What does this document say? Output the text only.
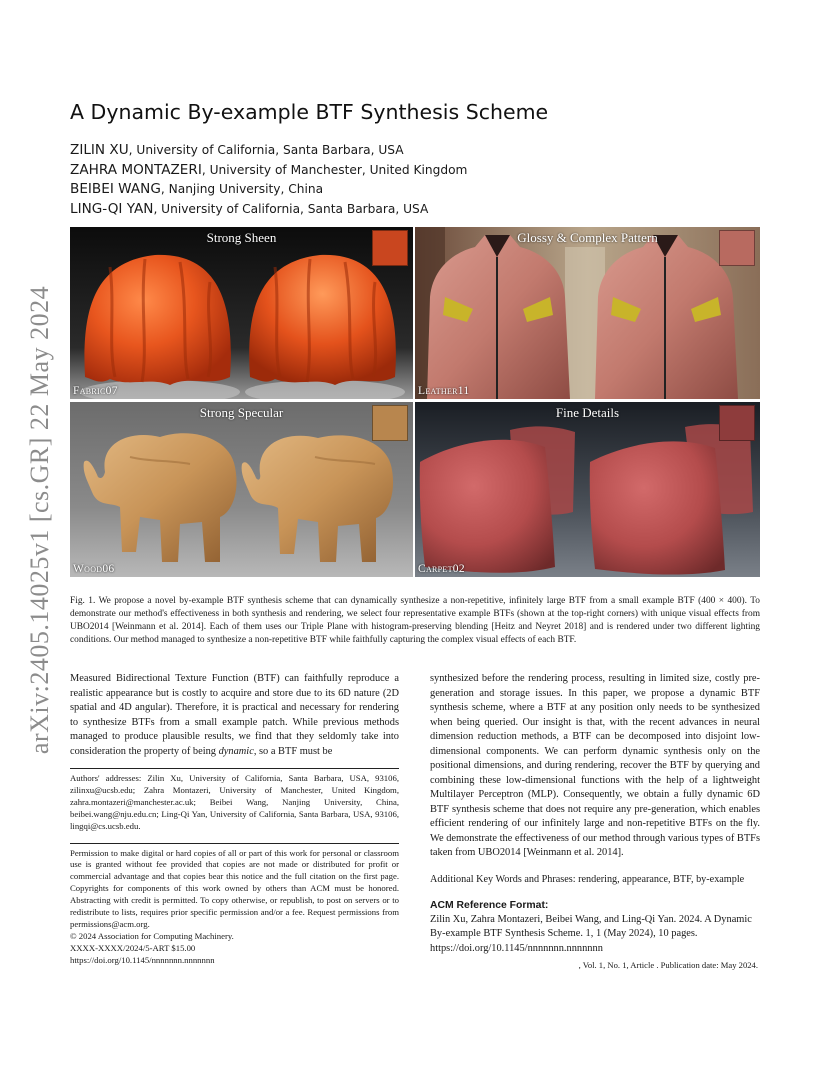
arXiv:2405.14025v1 [cs.GR] 22 May 2024
A Dynamic By-example BTF Synthesis Scheme
ZILIN XU, University of California, Santa Barbara, USA
ZAHRA MONTAZERI, University of Manchester, United Kingdom
BEIBEI WANG, Nanjing University, China
LING-QI YAN, University of California, Santa Barbara, USA
Strong Sheen
Fabric07
Glossy & Complex Pattern
Leather11
Strong Specular
Wood06
Fine Details
Carpet02
Fig. 1. We propose a novel by-example BTF synthesis scheme that can dynamically synthesize a non-repetitive, infinitely large BTF from a small example BTF (400 × 400). To demonstrate our method's effectiveness in both synthesis and rendering, we select four representative example BTFs (shown at the top-right corners) with unique visual effects from UBO2014 [Weinmann et al. 2014]. Each of them uses our Triple Plane with histogram-preserving blending [Heitz and Neyret 2018] and is rendered under two different lighting conditions. Our method managed to synthesize a non-repetitive BTF while faithfully capturing the complex visual effects of each BTF.

Measured Bidirectional Texture Function (BTF) can faithfully reproduce a realistic appearance but is costly to acquire and store due to its 6D nature (2D spatial and 4D angular). Therefore, it is practical and necessary for rendering to synthesize BTFs from a small example patch. While previous methods managed to produce plausible results, we find that they seldomly take into consideration the property of being dynamic, so a BTF must be

Authors' addresses: Zilin Xu, University of California, Santa Barbara, USA, 93106, zilinxu@ucsb.edu; Zahra Montazeri, University of Manchester, United Kingdom, zahra.montazeri@manchester.ac.uk; Beibei Wang, Nanjing University, China, beibei.wang@nju.edu.cn; Ling-Qi Yan, University of California, Santa Barbara, USA, 93106, lingqi@cs.ucsb.edu.

Permission to make digital or hard copies of all or part of this work for personal or classroom use is granted without fee provided that copies are not made or distributed for profit or commercial advantage and that copies bear this notice and the full citation on the first page. Copyrights for components of this work owned by others than ACM must be honored. Abstracting with credit is permitted. To copy otherwise, or republish, to post on servers or to redistribute to lists, requires prior specific permission and/or a fee. Request permissions from permissions@acm.org.

© 2024 Association for Computing Machinery.

XXXX-XXXX/2024/5-ART $15.00

https://doi.org/10.1145/nnnnnnn.nnnnnnn

synthesized before the rendering process, resulting in limited size, costly pre-generation and storage issues. In this paper, we propose a dynamic BTF synthesis scheme, where a BTF at any position only needs to be synthesized when being queried. Our insight is that, with the recent advances in neural dimension reduction methods, a BTF can be decomposed into disjoint low-dimensional components. We can perform dynamic synthesis only on the positional dimensions, and during rendering, recover the BTF by querying and combining these low-dimensional functions with the help of a lightweight Multilayer Perceptron (MLP). Consequently, we obtain a fully dynamic 6D BTF synthesis scheme that does not require any pre-generation, which enables efficient rendering of our infinitely large and non-repetitive BTFs on the fly. We demonstrate the effectiveness of our method through various types of BTFs taken from UBO2014 [Weinmann et al. 2014].

Additional Key Words and Phrases: rendering, appearance, BTF, by-example

ACM Reference Format:

Zilin Xu, Zahra Montazeri, Beibei Wang, and Ling-Qi Yan. 2024. A Dynamic By-example BTF Synthesis Scheme. 1, 1 (May 2024), 10 pages. https://doi.org/10.1145/nnnnnnn.nnnnnnn

, Vol. 1, No. 1, Article . Publication date: May 2024.
